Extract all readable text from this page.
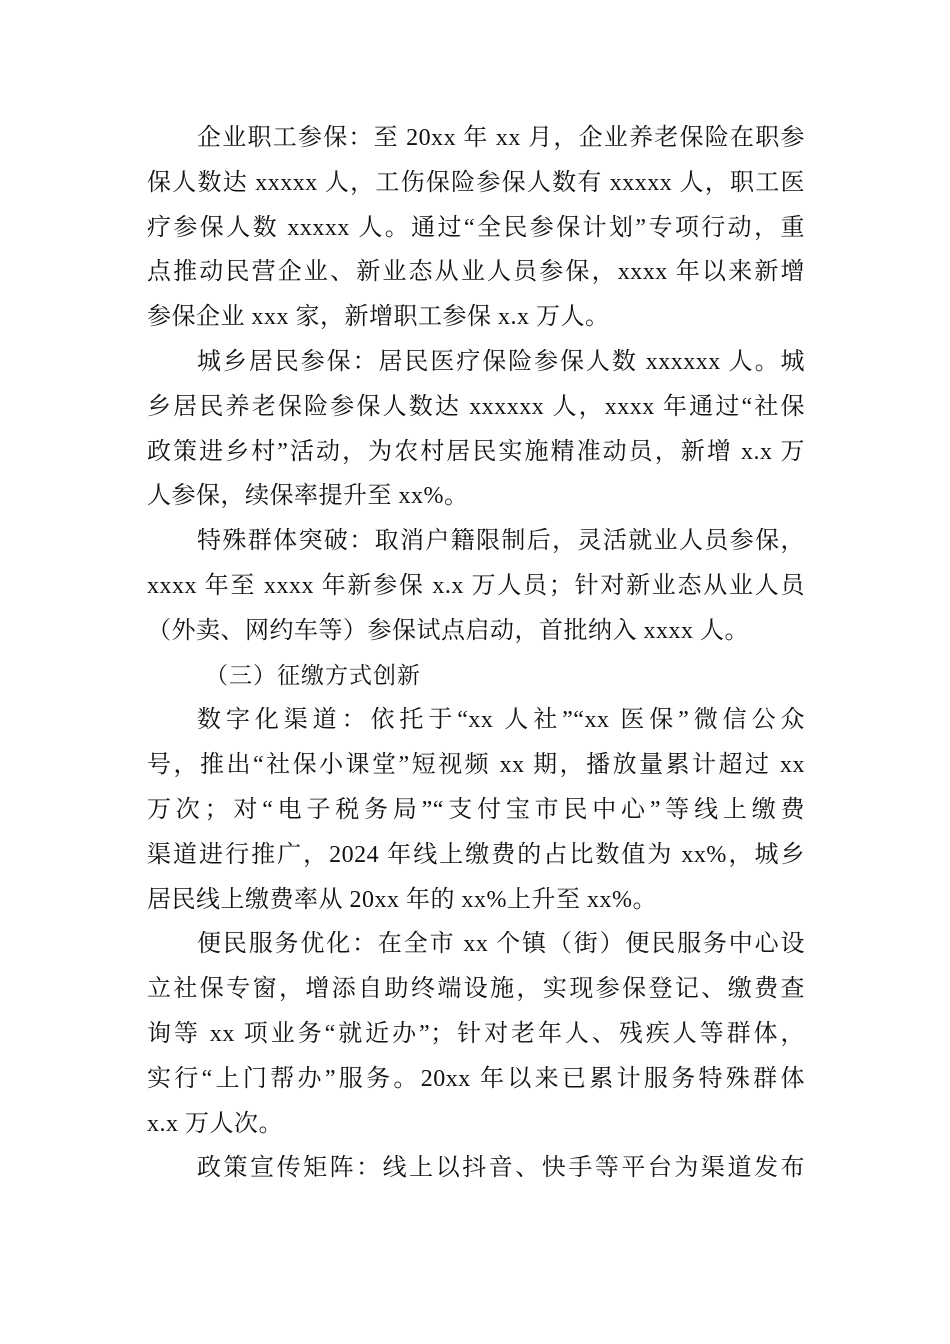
企业职工参保：至 20xx 年 xx 月，企业养老保险在职参
保人数达 xxxxx 人，工伤保险参保人数有 xxxxx 人，职工医
疗参保人数 xxxxx 人。通过“全民参保计划”专项行动，重
点推动民营企业、新业态从业人员参保，xxxx 年以来新增
参保企业 xxx 家，新增职工参保 x.x 万人。
城乡居民参保：居民医疗保险参保人数 xxxxxx 人。城
乡居民养老保险参保人数达 xxxxxx 人，xxxx 年通过“社保
政策进乡村”活动，为农村居民实施精准动员，新增 x.x 万
人参保，续保率提升至 xx%。
特殊群体突破：取消户籍限制后，灵活就业人员参保，
xxxx 年至 xxxx 年新参保 x.x 万人员；针对新业态从业人员
（外卖、网约车等）参保试点启动，首批纳入 xxxx 人。
（三）征缴方式创新
数字化渠道：依托于“xx 人社”“xx 医保”微信公众
号，推出“社保小课堂”短视频 xx 期，播放量累计超过 xx
万次；对“电子税务局”“支付宝市民中心”等线上缴费
渠道进行推广，2024 年线上缴费的占比数值为 xx%，城乡
居民线上缴费率从 20xx 年的 xx%上升至 xx%。
便民服务优化：在全市 xx 个镇（街）便民服务中心设
立社保专窗，增添自助终端设施，实现参保登记、缴费查
询等 xx 项业务“就近办”；针对老年人、残疾人等群体，
实行“上门帮办”服务。20xx 年以来已累计服务特殊群体
x.x 万人次。
政策宣传矩阵：线上以抖音、快手等平台为渠道发布
